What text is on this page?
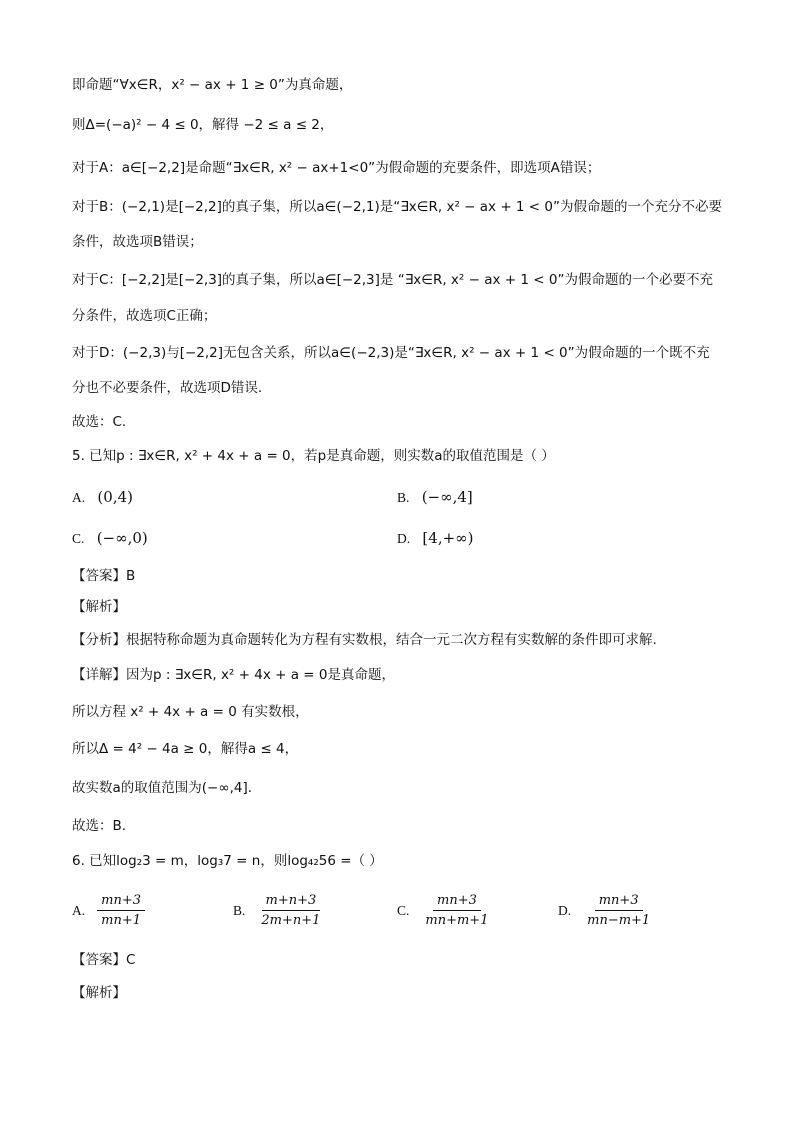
即命题“∀x∈R，x² − ax + 1 ≥ 0”为真命题，
则Δ=(−a)² − 4 ≤ 0，解得 −2 ≤ a ≤ 2，
对于A：a∈[−2,2]是命题“∃x∈R, x² − ax+1<0”为假命题的充要条件，即选项A错误；
对于B：(−2,1)是[−2,2]的真子集，所以a∈(−2,1)是“∃x∈R, x² − ax + 1 < 0”为假命题的一个充分不必要
条件，故选项B错误；
对于C：[−2,2]是[−2,3]的真子集，所以a∈[−2,3]是 “∃x∈R, x² − ax + 1 < 0”为假命题的一个必要不充
分条件，故选项C正确；
对于D：(−2,3)与[−2,2]无包含关系，所以a∈(−2,3)是“∃x∈R, x² − ax + 1 < 0”为假命题的一个既不充
分也不必要条件，故选项D错误.
故选：C.
5. 已知p : ∃x∈R, x² + 4x + a = 0，若p是真命题，则实数a的取值范围是（ ）
A. (0,4)	B. (−∞,4]
C. (−∞,0)	D. [4,+∞)
【答案】B
【解析】
【分析】根据特称命题为真命题转化为方程有实数根，结合一元二次方程有实数解的条件即可求解.
【详解】因为p : ∃x∈R, x² + 4x + a = 0是真命题，
所以方程 x² + 4x + a = 0 有实数根，
所以Δ = 4² − 4a ≥ 0，解得a ≤ 4，
故实数a的取值范围为(−∞,4].
故选：B.
6. 已知log₂3 = m，log₃7 = n，则log₄₂56 =（ ）
A. $\frac{mn+3}{mn+1}$	B. $\frac{m+n+3}{2m+n+1}$	C. $\frac{mn+3}{mn+m+1}$	D. $\frac{mn+3}{mn-m+1}$
【答案】C
【解析】
